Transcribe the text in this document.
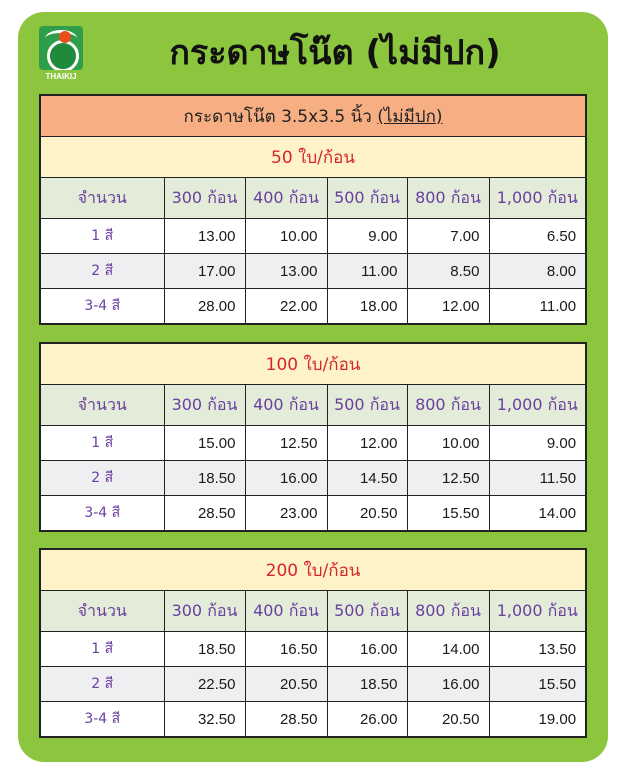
THAIKIJ
กระดาษโน๊ต (ไม่มีปก)
กระดาษโน๊ต 3.5x3.5 นิ้ว (ไม่มีปก)					
50 ใบ/ก้อน					
จำนวน	300 ก้อน	400 ก้อน	500 ก้อน	800 ก้อน	1,000 ก้อน
1 สี	13.00	10.00	9.00	7.00	6.50
2 สี	17.00	13.00	11.00	8.50	8.00
3-4 สี	28.00	22.00	18.00	12.00	11.00
100 ใบ/ก้อน					
จำนวน	300 ก้อน	400 ก้อน	500 ก้อน	800 ก้อน	1,000 ก้อน
1 สี	15.00	12.50	12.00	10.00	9.00
2 สี	18.50	16.00	14.50	12.50	11.50
3-4 สี	28.50	23.00	20.50	15.50	14.00
200 ใบ/ก้อน					
จำนวน	300 ก้อน	400 ก้อน	500 ก้อน	800 ก้อน	1,000 ก้อน
1 สี	18.50	16.50	16.00	14.00	13.50
2 สี	22.50	20.50	18.50	16.00	15.50
3-4 สี	32.50	28.50	26.00	20.50	19.00
